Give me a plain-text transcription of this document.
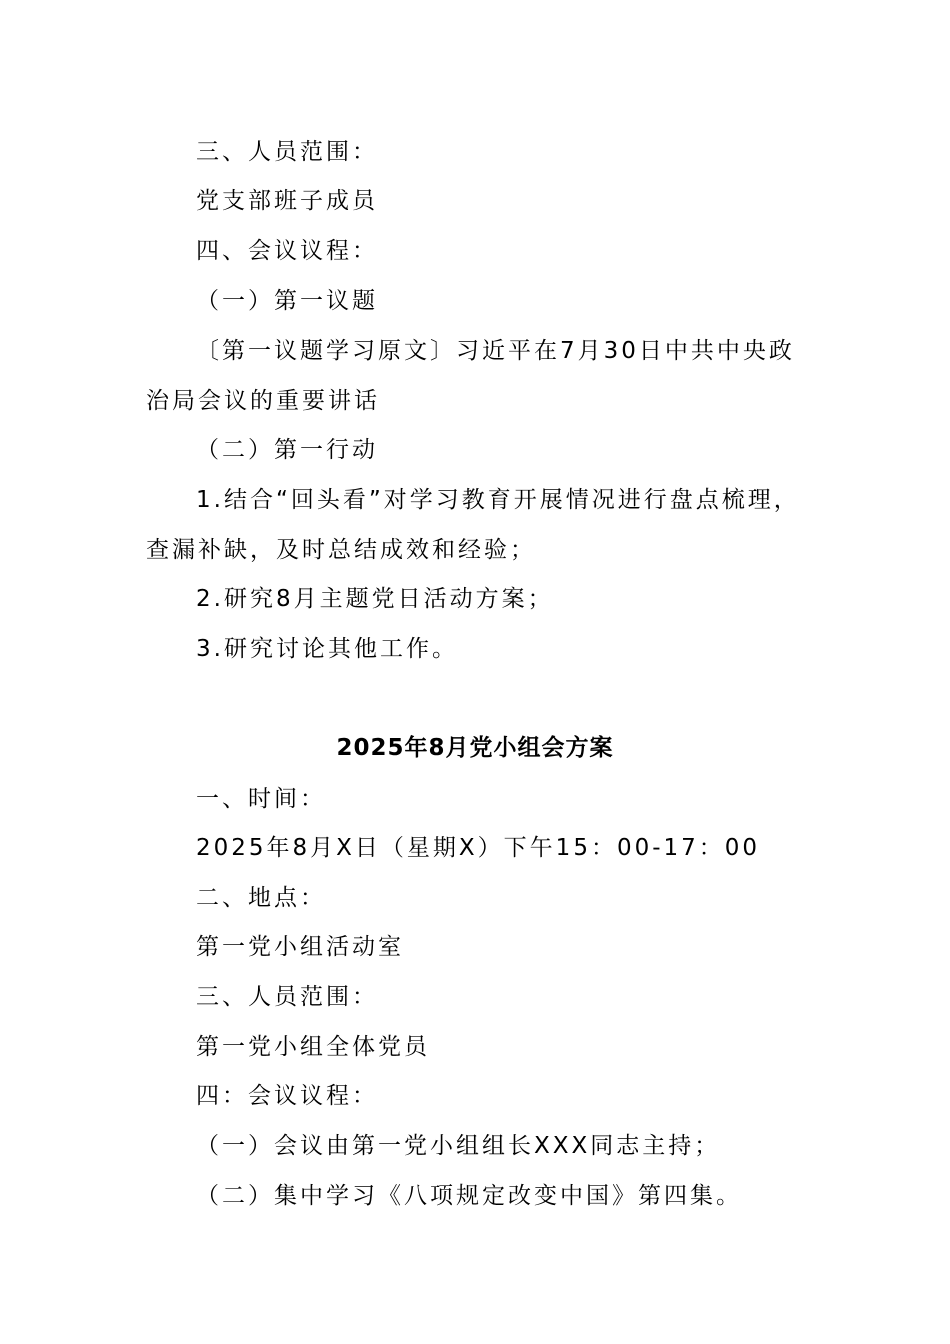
三、人员范围：
党支部班子成员
四、会议议程：
（一）第一议题
〔第一议题学习原文〕习近平在7月30日中共中央政
治局会议的重要讲话
（二）第一行动
1.结合“回头看”对学习教育开展情况进行盘点梳理，
查漏补缺，及时总结成效和经验；
2.研究8月主题党日活动方案；
3.研究讨论其他工作。
2025年8月党小组会方案
一、时间：
2025年8月X日（星期X）下午15：00-17：00
二、地点：
第一党小组活动室
三、人员范围：
第一党小组全体党员
四：会议议程：
（一）会议由第一党小组组长XXX同志主持；
（二）集中学习《八项规定改变中国》第四集。
